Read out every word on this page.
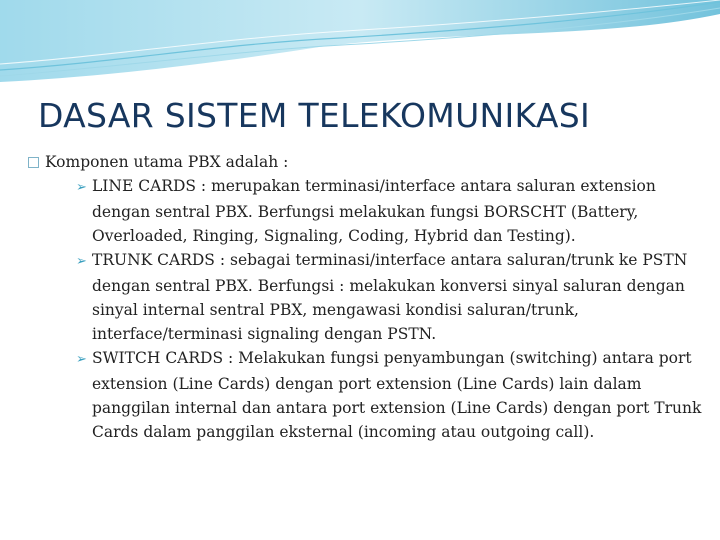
DASAR SISTEM TELEKOMUNIKASI

Komponen utama PBX adalah :

➢ LINE CARDS : merupakan terminasi/interface antara saluran extension dengan sentral PBX. Berfungsi melakukan fungsi BORSCHT (Battery, Overloaded, Ringing, Signaling, Coding, Hybrid dan Testing).
➢ TRUNK CARDS : sebagai terminasi/interface antara saluran/trunk ke PSTN dengan sentral PBX. Berfungsi : melakukan konversi sinyal saluran dengan sinyal internal sentral PBX, mengawasi kondisi saluran/trunk, interface/terminasi signaling dengan PSTN.
➢ SWITCH CARDS : Melakukan fungsi penyambungan (switching) antara port extension (Line Cards) dengan port extension (Line Cards) lain dalam panggilan internal dan antara port extension (Line Cards) dengan port Trunk Cards dalam panggilan eksternal (incoming atau outgoing call).
